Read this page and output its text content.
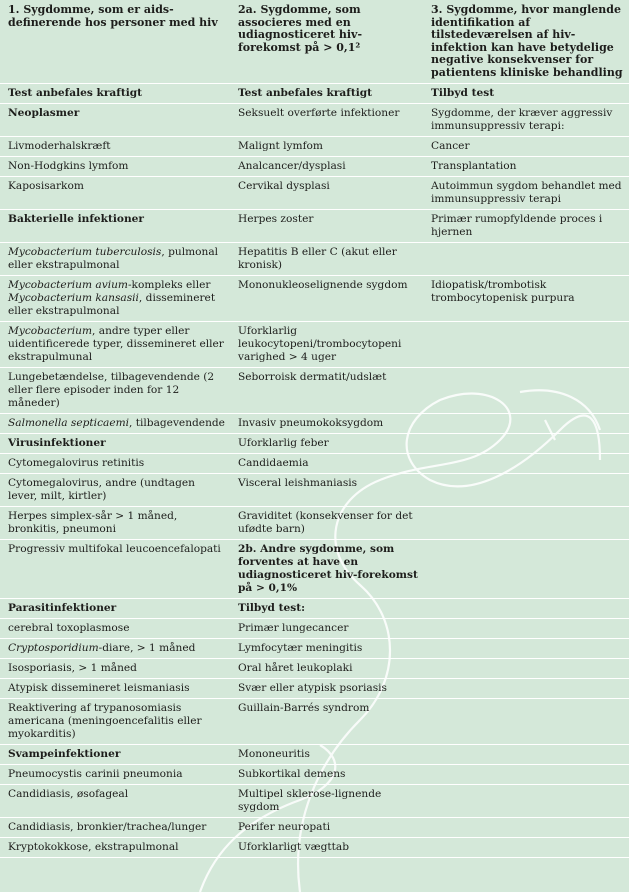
1. Sygdomme, som er aids-definerende hos personer med hiv	2a. Sygdomme, som associeres med en udiagnosticeret hiv-forekomst på > 0,1²	3. Sygdomme, hvor manglende identifikation af tilstedeværelsen af hiv-infektion kan have betydelige negative konsekvenser for patientens kliniske behandling
Test anbefales kraftigt	Test anbefales kraftigt	Tilbyd test
Neoplasmer	Seksuelt overførte infektioner	Sygdomme, der kræver aggressiv immunsuppressiv terapi:
Livmoderhalskræft	Malignt lymfom	Cancer
Non-Hodgkins lymfom	Analcancer/dysplasi	Transplantation
Kaposisarkom	Cervikal dysplasi	Autoimmun sygdom behandlet med immunsuppressiv terapi
Bakterielle infektioner	Herpes zoster	Primær rumopfyldende proces i hjernen
Mycobacterium tuberculosis, pulmonal eller ekstrapulmonal	Hepatitis B eller C (akut eller kronisk)	
Mycobacterium avium-kompleks eller Mycobacterium kansasii, dissemineret eller ekstrapulmonal	Mononukleoselignende sygdom	Idiopatisk/trombotisk trombocytopenisk purpura
Mycobacterium, andre typer eller uidentificerede typer, dissemineret eller ekstrapulmunal	Uforklarlig leukocytopeni/trombocytopeni varighed > 4 uger	
Lungebetændelse, tilbagevendende (2 eller flere episoder inden for 12 måneder)	Seborroisk dermatit/udslæt	
Salmonella septicaemi, tilbagevendende	Invasiv pneumokoksygdom	
Virusinfektioner	Uforklarlig feber	
Cytomegalovirus retinitis	Candidaemia	
Cytomegalovirus, andre (undtagen lever, milt, kirtler)	Visceral leishmaniasis	
Herpes simplex-sår > 1 måned, bronkitis, pneumoni	Graviditet (konsekvenser for det ufødte barn)	
Progressiv multifokal leucoencefalopati	2b. Andre sygdomme, som forventes at have en udiagnosticeret hiv-forekomst på > 0,1%	
Parasitinfektioner	Tilbyd test:	
cerebral toxoplasmose	Primær lungecancer	
Cryptosporidium-diare, > 1 måned	Lymfocytær meningitis	
Isosporiasis, > 1 måned	Oral håret leukoplaki	
Atypisk dissemineret leismaniasis	Svær eller atypisk psoriasis	
Reaktivering af trypanosomiasis americana (meningoencefalitis eller myokarditis)	Guillain-Barrés syndrom	
Svampeinfektioner	Mononeuritis	
Pneumocystis carinii pneumonia	Subkortikal demens	
Candidiasis, øsofageal	Multipel sklerose-lignende sygdom	
Candidiasis, bronkier/trachea/lunger	Perifer neuropati	
Kryptokokkose, ekstrapulmonal	Uforklarligt vægttab	
